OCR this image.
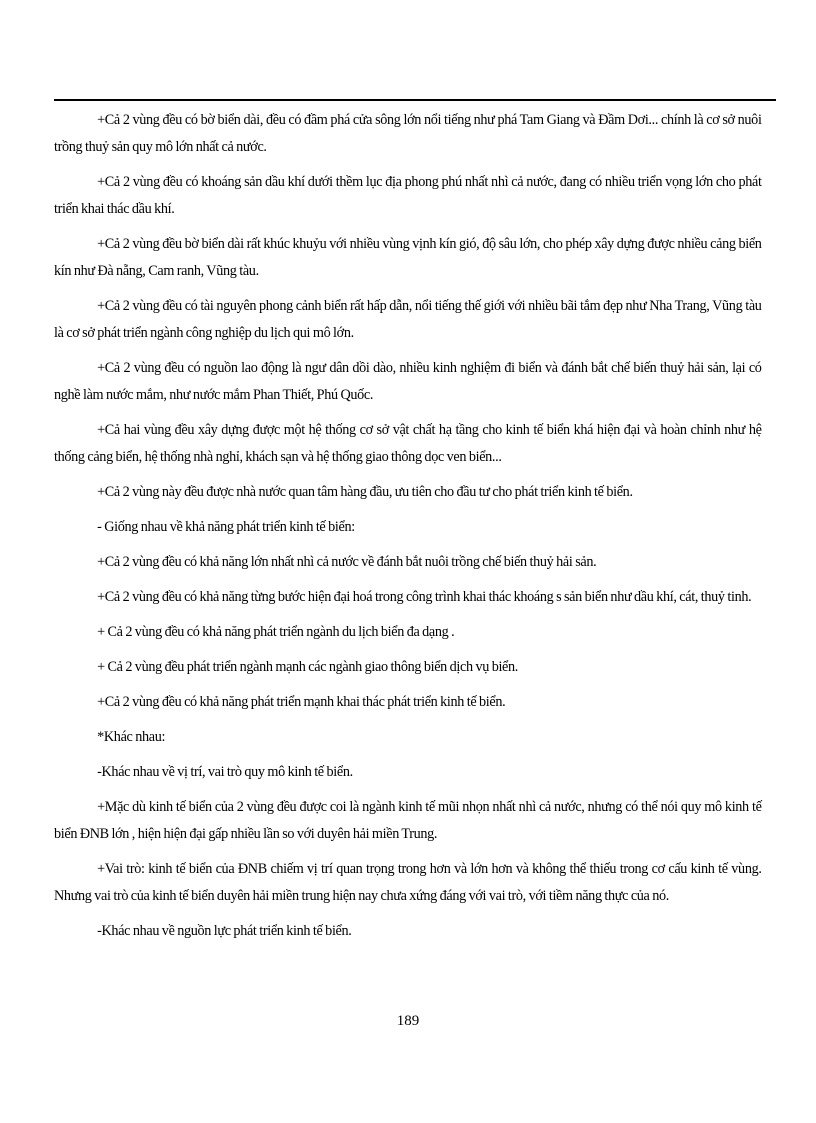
+Cả 2 vùng đều có bờ biển dài, đều có đầm phá cửa sông lớn nổi tiếng như phá Tam Giang và Đầm Dơi... chính là cơ sở nuôi trồng thuỷ sản quy mô lớn nhất cả nước.

+Cả 2 vùng đều có khoáng sản dầu khí dưới thềm lục địa phong phú nhất nhì cả nước, đang có nhiều triển vọng lớn cho phát triển khai thác dầu khí.

+Cả 2 vùng đều bờ biển dài rất khúc khuỷu với nhiều vùng vịnh kín gió, độ sâu lớn, cho phép xây dựng được nhiều cảng biển kín như Đà nẵng, Cam ranh, Vũng tàu.

+Cả 2 vùng đều có tài nguyên phong cảnh biển rất hấp dẫn, nổi tiếng thế giới với nhiều bãi tắm đẹp như Nha Trang, Vũng tàu là cơ sở phát triển ngành công nghiệp du lịch qui mô lớn.

+Cả 2 vùng đều có nguồn lao động là ngư dân dồi dào, nhiều kinh nghiệm đi biển và đánh bắt chế biến thuỷ hải sản, lại có nghề làm nước mắm, như nước mắm Phan Thiết, Phú Quốc.

+Cả hai vùng đều xây dựng được một hệ thống cơ sở vật chất hạ tầng cho kinh tế biển khá hiện đại và hoàn chỉnh như hệ thống cảng biển, hệ thống nhà nghỉ, khách sạn và hệ thống giao thông dọc ven biển...

+Cả 2 vùng này đều được nhà nước quan tâm hàng đầu, ưu tiên cho đầu tư cho phát triển kinh tế biển.

- Giống nhau về khả năng phát triển kinh tế biển:

+Cả 2 vùng đều có khả năng lớn nhất nhì cả nước về đánh bắt nuôi trồng chế biến thuỷ hải sản.

+Cả 2 vùng đều có khả năng từng bước hiện đại hoá trong công trình khai thác khoáng s sản biển như dầu khí, cát, thuỷ tinh.

+ Cả 2 vùng đều có khả năng phát triển ngành du lịch biển đa dạng .

+ Cả 2 vùng đều phát triển ngành mạnh các ngành giao thông biển dịch vụ biển.

+Cả 2 vùng đều có khả năng phát triển mạnh khai thác phát triển kinh tế biển.

*Khác nhau:

-Khác nhau về vị trí, vai trò quy mô kinh tế biển.

+Mặc dù kinh tế biển của 2 vùng đều được coi là ngành kinh tế mũi nhọn nhất nhì cả nước, nhưng có thể nói quy mô kinh tế biển ĐNB lớn , hiện hiện đại gấp nhiều lần so với duyên hải miền Trung.

+Vai trò: kinh tế biển của ĐNB chiếm vị trí quan trọng trong hơn và lớn hơn và không thể thiếu trong cơ cấu kinh tế vùng. Nhưng vai trò của kinh tế biển duyên hải miền trung hiện nay chưa xứng đáng với vai trò, với tiềm năng thực của nó.

-Khác nhau về nguồn lực phát triển kinh tế biển.

189
